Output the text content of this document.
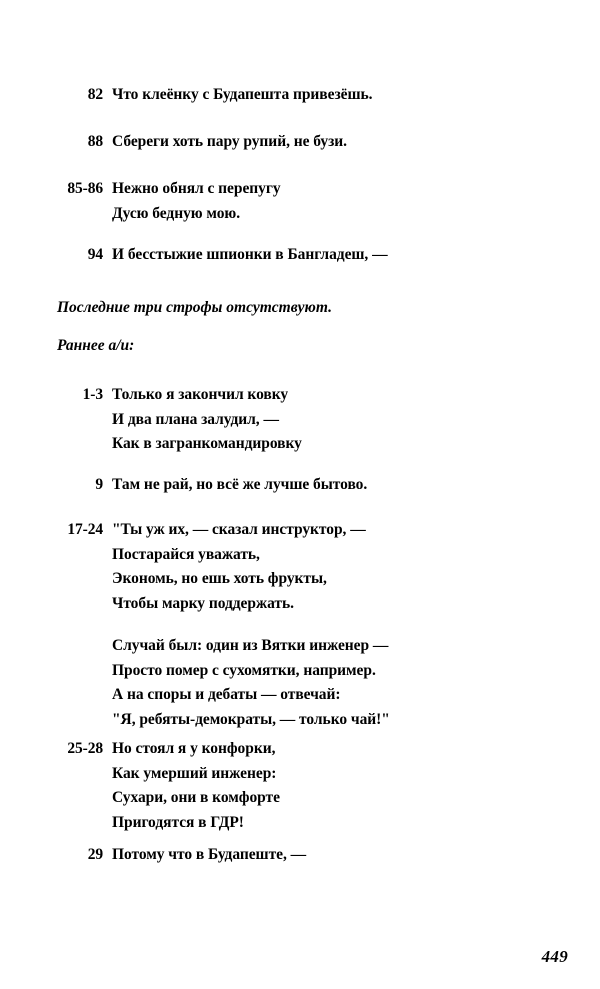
82 Что клеёнку с Будапешта привезёшь.
88 Сбереги хоть пару рупий, не бузи.
85-86 Нежно обнял с перепугу
Дусю бедную мою.
94 И бесстыжие шпионки в Бангладеш, —
1-3 Только я закончил ковку
И два плана залудил, —
Как в загранкомандировку
9 Там не рай, но всё же лучше бытово.
17-24 "Ты уж их, — сказал инструктор, —
Постарайся уважать,
Экономь, но ешь хоть фрукты,
Чтобы марку поддержать.
Случай был: один из Вятки инженер —
Просто помер с сухомятки, например.
А на споры и дебаты — отвечай:
"Я, ребяты-демократы, — только чай!"
25-28 Но стоял я у конфорки,
Как умерший инженер:
Сухари, они в комфорте
Пригодятся в ГДР!
29 Потому что в Будапеште, —
Последние три строфы отсутствуют.
Раннее а/и:
449
